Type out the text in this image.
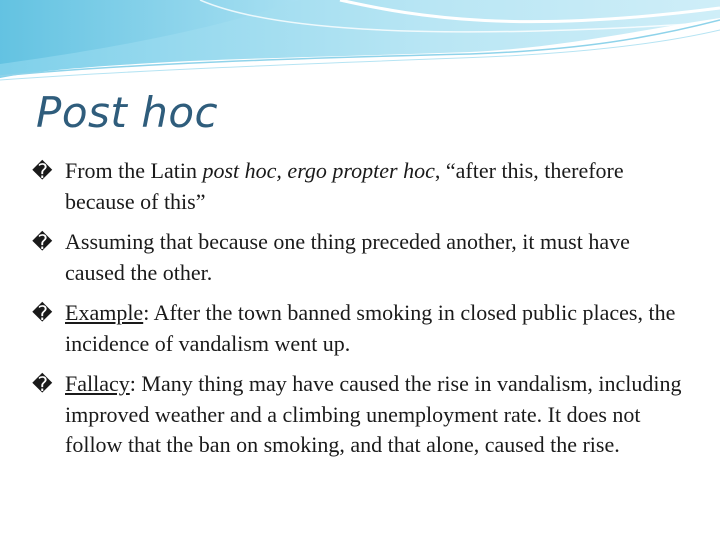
Post hoc
� From the Latin post hoc, ergo propter hoc, “after this, therefore because of this”
� Assuming that because one thing preceded another, it must have caused the other.
� Example: After the town banned smoking in closed public places, the incidence of vandalism went up.
� Fallacy: Many thing may have caused the rise in vandalism, including improved weather and a climbing unemployment rate. It does not follow that the ban on smoking, and that alone, caused the rise.
